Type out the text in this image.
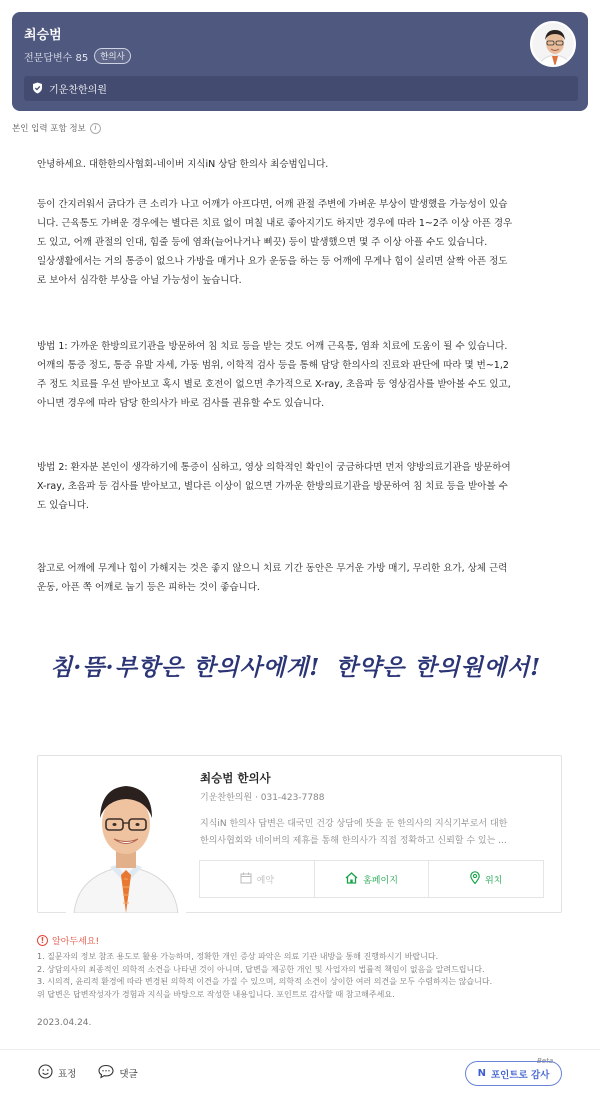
최승범
전문답변수 85	한의사
기운찬한의원
본인 입력 포함 정보	i
안녕하세요. 대한한의사협회-네이버 지식iN 상담 한의사 최승범입니다.
등이 간지러워서 긁다가 큰 소리가 나고 어깨가 아프다면, 어깨 관절 주변에 가벼운 부상이 발생했을 가능성이 있습
니다. 근육통도 가벼운 경우에는 별다른 치료 없이 며칠 내로 좋아지기도 하지만 경우에 따라 1~2주 이상 아픈 경우
도 있고, 어깨 관절의 인대, 힘줄 등에 염좌(늘어나거나 삐끗) 등이 발생했으면 몇 주 이상 아플 수도 있습니다.
일상생활에서는 거의 통증이 없으나 가방을 매거나 요가 운동을 하는 등 어깨에 무게나 힘이 실리면 살짝 아픈 정도
로 보아서 심각한 부상을 아닐 가능성이 높습니다.
방법 1: 가까운 한방의료기관을 방문하여 침 치료 등을 받는 것도 어깨 근육통, 염좌 치료에 도움이 될 수 있습니다.
어깨의 통증 정도, 통증 유발 자세, 가동 범위, 이학적 검사 등을 통해 담당 한의사의 진료와 판단에 따라 몇 번~1,2
주 정도 치료를 우선 받아보고 혹시 별로 호전이 없으면 추가적으로 X-ray, 초음파 등 영상검사를 받아볼 수도 있고,
아니면 경우에 따라 담당 한의사가 바로 검사를 권유할 수도 있습니다.
방법 2: 환자분 본인이 생각하기에 통증이 심하고, 영상 의학적인 확인이 궁금하다면 먼저 양방의료기관을 방문하여
X-ray, 초음파 등 검사를 받아보고, 별다른 이상이 없으면 가까운 한방의료기관을 방문하여 침 치료 등을 받아볼 수
도 있습니다.
참고로 어깨에 무게나 힘이 가해지는 것은 좋지 않으니 치료 기간 동안은 무거운 가방 매기, 무리한 요가, 상체 근력
운동, 아픈 쪽 어깨로 눕기 등은 피하는 것이 좋습니다.
침·뜸·부항은 한의사에게! 한약은 한의원에서!
최승범 한의사
기운찬한의원 · 031-423-7788
지식iN 한의사 답변은 대국민 건강 상담에 뜻을 둔 한의사의 지식기부로서 대한
한의사협회와 네이버의 제휴를 통해 한의사가 직접 정확하고 신뢰할 수 있는 ...
예약	홈페이지	위치
! 알아두세요!
1. 질문자의 정보 참조 용도로 활용 가능하며, 정확한 개인 증상 파악은 의료 기관 내방을 통해 진행하시기 바랍니다.
2. 상담의사의 최종적인 의학적 소견을 나타낸 것이 아니며, 답변을 제공한 개인 및 사업자의 법률적 책임이 없음을 알려드립니다.
3. 시의적, 윤리적 환경에 따라 변경된 의학적 이견을 가질 수 있으며, 의학적 소견이 상이한 여러 의견을 모두 수렴하지는 않습니다.
위 답변은 답변작성자가 경험과 지식을 바탕으로 작성한 내용입니다. 포인트로 감사할 때 참고해주세요.
2023.04.24.
표정	댓글
Beta
N 포인트로 감사
